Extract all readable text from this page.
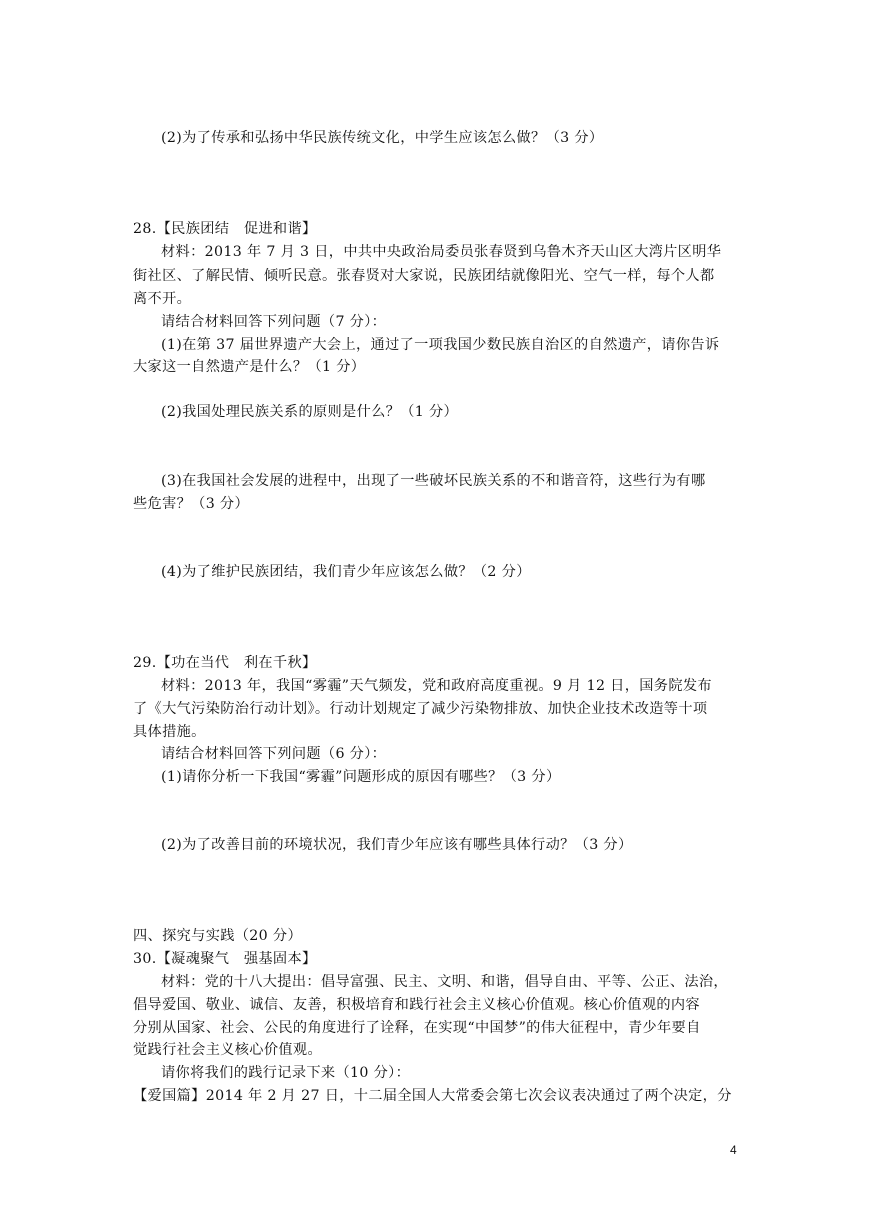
(2)为了传承和弘扬中华民族传统文化，中学生应该怎么做？（3 分）
28.【民族团结　促进和谐】
材料：2013 年 7 月 3 日，中共中央政治局委员张春贤到乌鲁木齐天山区大湾片区明华
街社区、了解民情、倾听民意。张春贤对大家说，民族团结就像阳光、空气一样，每个人都
离不开。
请结合材料回答下列问题（7 分）：
(1)在第 37 届世界遗产大会上，通过了一项我国少数民族自治区的自然遗产，请你告诉
大家这一自然遗产是什么？（1 分）
(2)我国处理民族关系的原则是什么？（1 分）
(3)在我国社会发展的进程中，出现了一些破坏民族关系的不和谐音符，这些行为有哪
些危害？（3 分）
(4)为了维护民族团结，我们青少年应该怎么做？（2 分）
29.【功在当代　利在千秋】
材料：2013 年，我国“雾霾”天气频发，党和政府高度重视。9 月 12 日，国务院发布
了《大气污染防治行动计划》。行动计划规定了减少污染物排放、加快企业技术改造等十项
具体措施。
请结合材料回答下列问题（6 分）：
(1)请你分析一下我国“雾霾”问题形成的原因有哪些？（3 分）
(2)为了改善目前的环境状况，我们青少年应该有哪些具体行动？（3 分）
四、探究与实践（20 分）
30.【凝魂聚气　强基固本】
材料：党的十八大提出：倡导富强、民主、文明、和谐，倡导自由、平等、公正、法治，
倡导爱国、敬业、诚信、友善，积极培育和践行社会主义核心价值观。核心价值观的内容
分别从国家、社会、公民的角度进行了诠释，在实现“中国梦”的伟大征程中，青少年要自
觉践行社会主义核心价值观。
请你将我们的践行记录下来（10 分）：
【爱国篇】2014 年 2 月 27 日，十二届全国人大常委会第七次会议表决通过了两个决定，分
4
